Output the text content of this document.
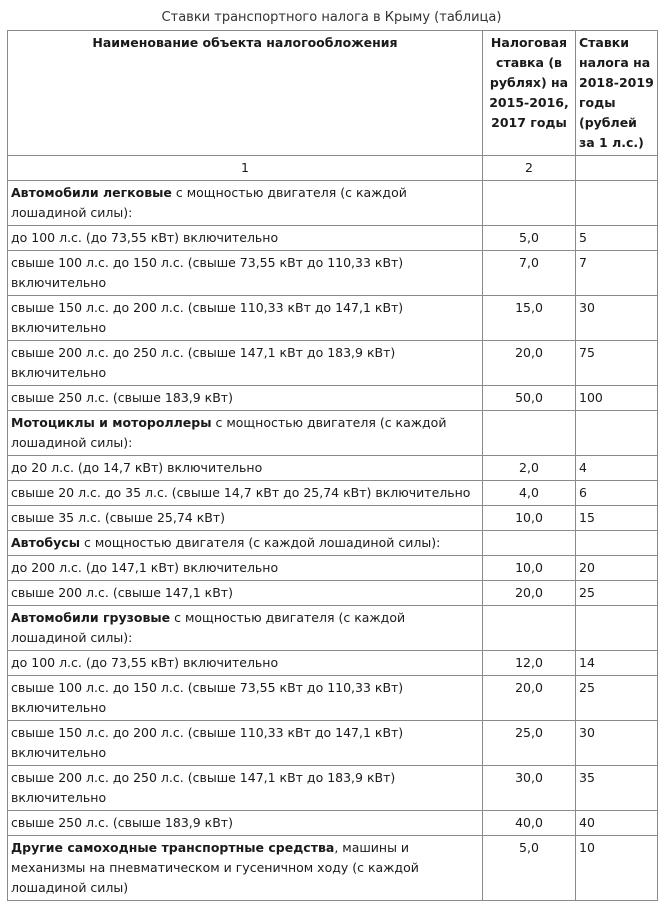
Ставки транспортного налога в Крыму (таблица)
Наименование объекта налогообложения	Налоговая ставка (в рублях) на 2015-2016, 2017 годы	Ставки налога на 2018-2019 годы (рублей за 1 л.с.)
1	2	
Автомобили легковые с мощностью двигателя (с каждой лошадиной силы):		
до 100 л.с. (до 73,55 кВт) включительно	5,0	5
свыше 100 л.с. до 150 л.с. (свыше 73,55 кВт до 110,33 кВт) включительно	7,0	7
свыше 150 л.с. до 200 л.с. (свыше 110,33 кВт до 147,1 кВт) включительно	15,0	30
свыше 200 л.с. до 250 л.с. (свыше 147,1 кВт до 183,9 кВт) включительно	20,0	75
свыше 250 л.с. (свыше 183,9 кВт)	50,0	100
Мотоциклы и мотороллеры с мощностью двигателя (с каждой лошадиной силы):		
до 20 л.с. (до 14,7 кВт) включительно	2,0	4
свыше 20 л.с. до 35 л.с. (свыше 14,7 кВт до 25,74 кВт) включительно	4,0	6
свыше 35 л.с. (свыше 25,74 кВт)	10,0	15
Автобусы с мощностью двигателя (с каждой лошадиной силы):		
до 200 л.с. (до 147,1 кВт) включительно	10,0	20
свыше 200 л.с. (свыше 147,1 кВт)	20,0	25
Автомобили грузовые с мощностью двигателя (с каждой лошадиной силы):		
до 100 л.с. (до 73,55 кВт) включительно	12,0	14
свыше 100 л.с. до 150 л.с. (свыше 73,55 кВт до 110,33 кВт) включительно	20,0	25
свыше 150 л.с. до 200 л.с. (свыше 110,33 кВт до 147,1 кВт) включительно	25,0	30
свыше 200 л.с. до 250 л.с. (свыше 147,1 кВт до 183,9 кВт) включительно	30,0	35
свыше 250 л.с. (свыше 183,9 кВт)	40,0	40
Другие самоходные транспортные средства, машины и механизмы на пневматическом и гусеничном ходу (с каждой лошадиной силы)	5,0	10
